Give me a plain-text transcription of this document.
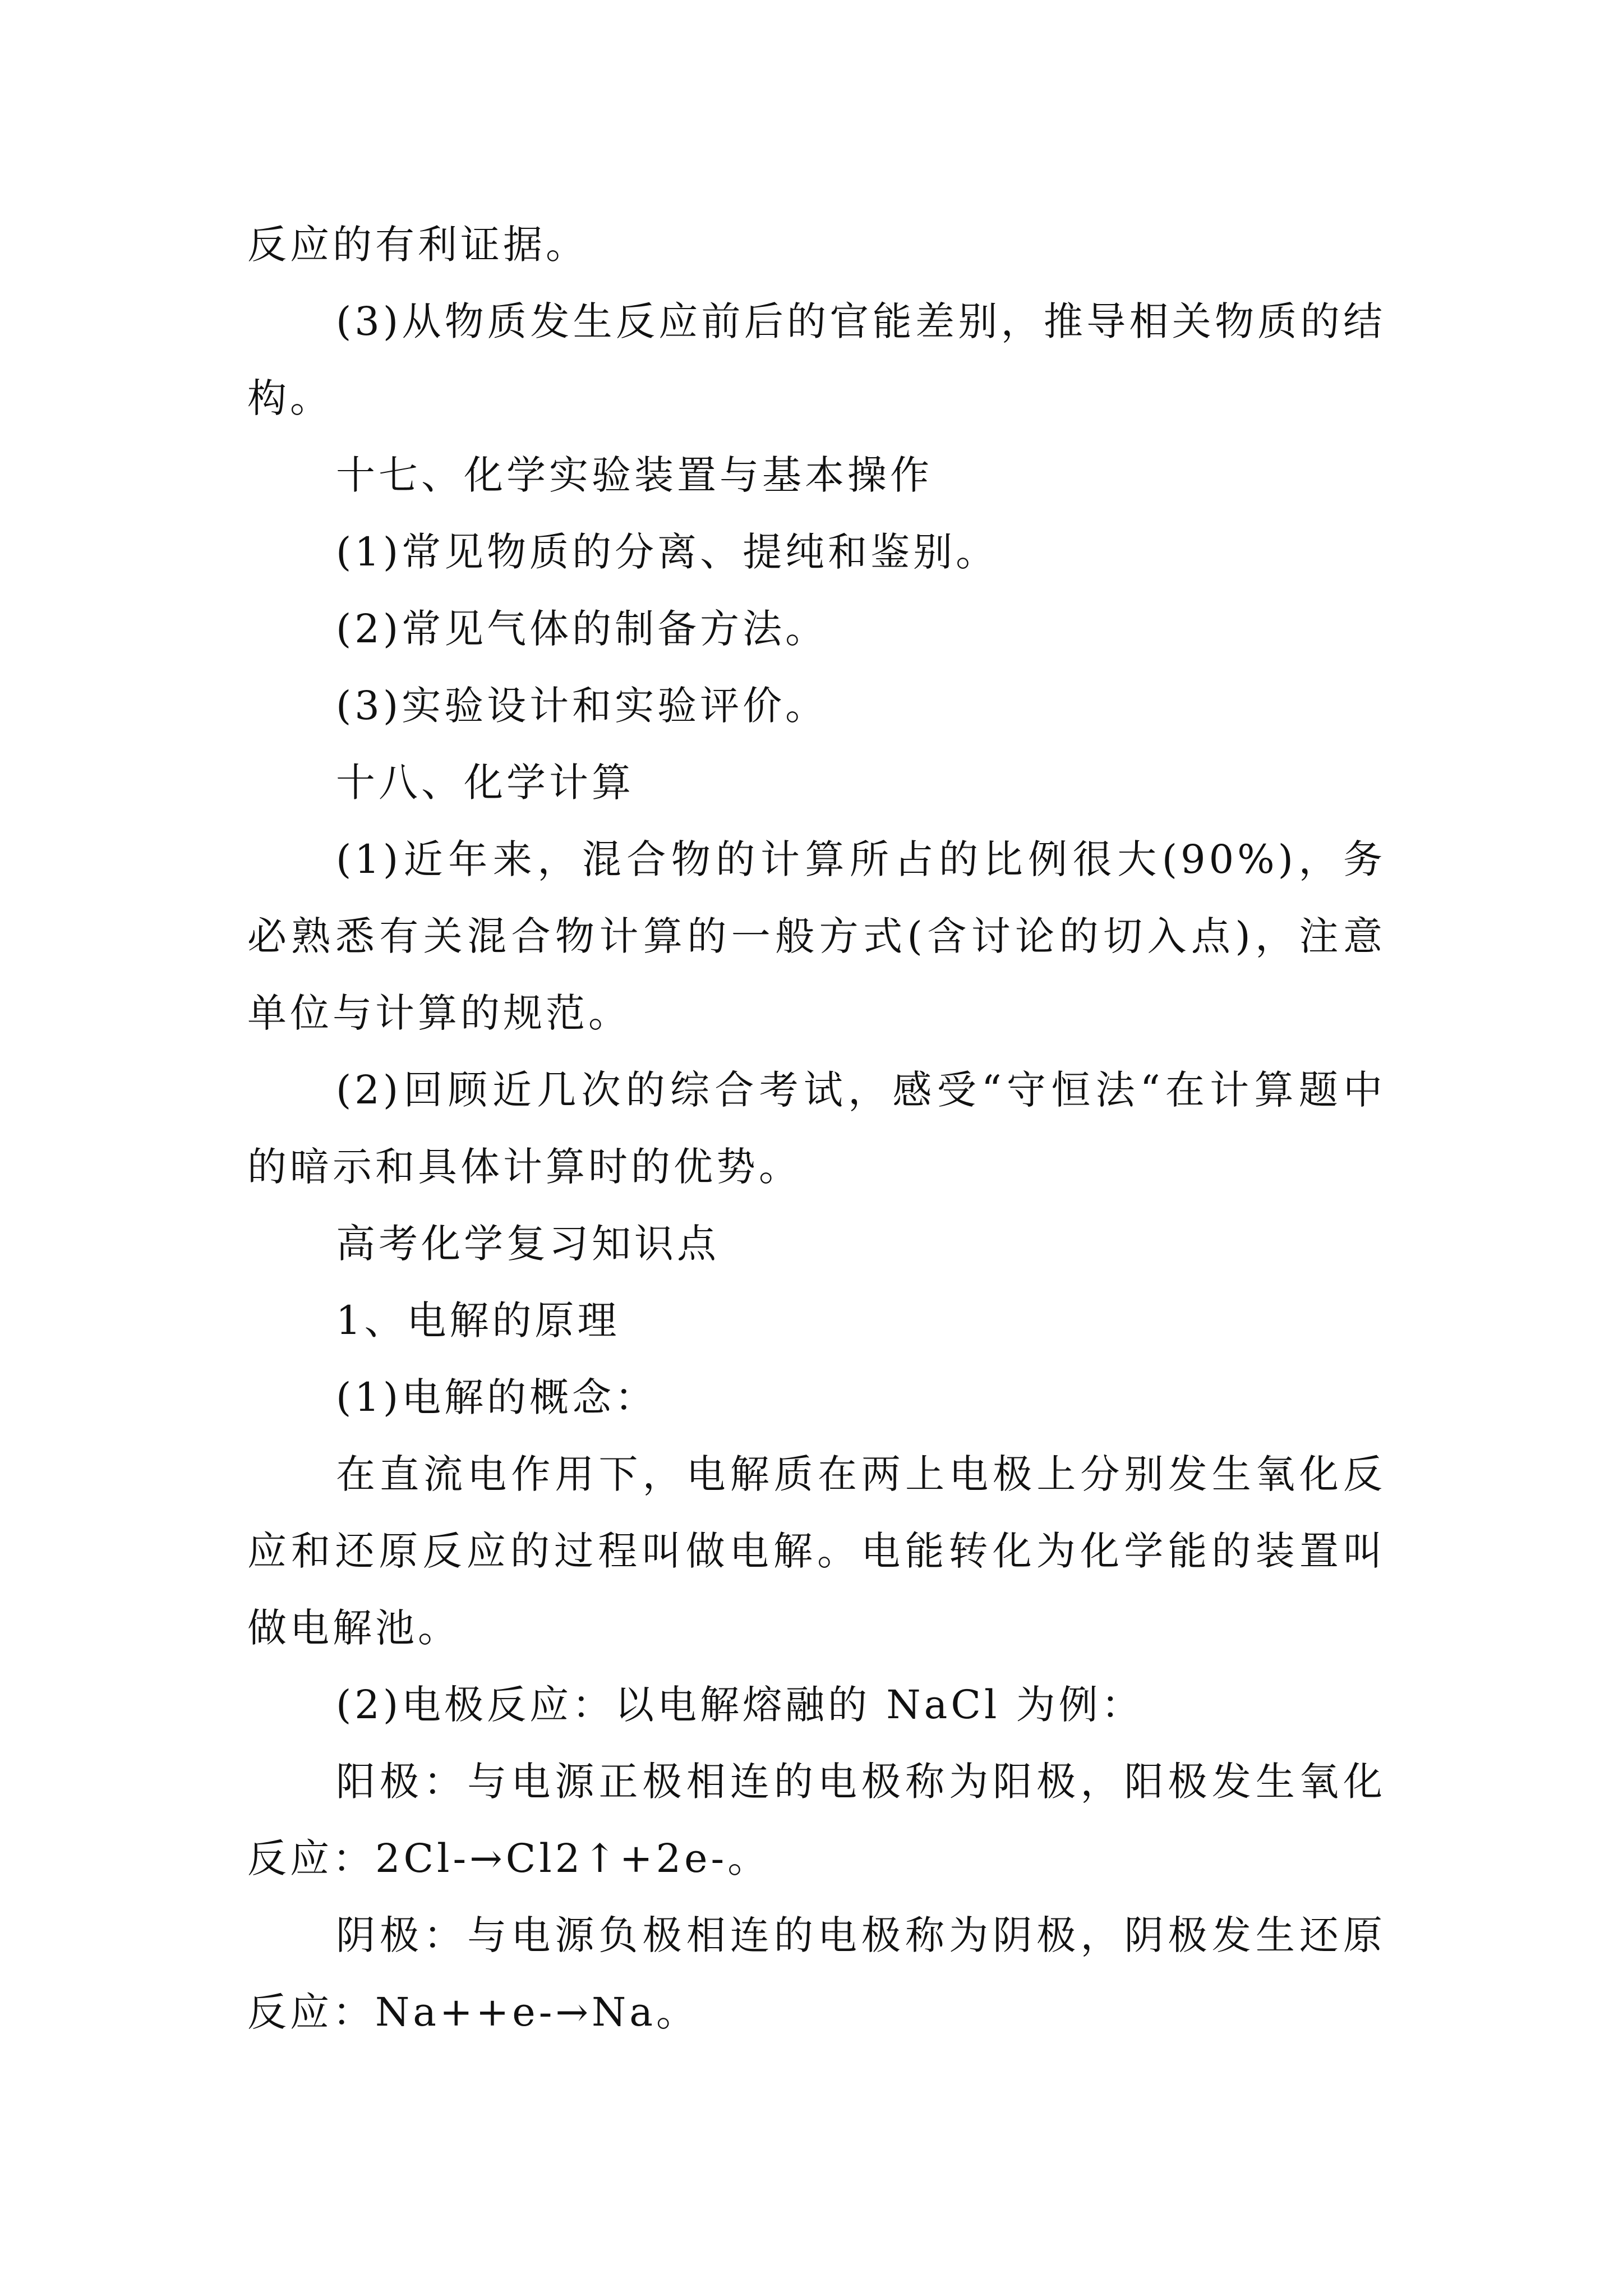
反应的有利证据。

(3)从物质发生反应前后的官能差别，推导相关物质的结构。

十七、化学实验装置与基本操作

(1)常见物质的分离、提纯和鉴别。

(2)常见气体的制备方法。

(3)实验设计和实验评价。

十八、化学计算

(1)近年来，混合物的计算所占的比例很大(90%)，务必熟悉有关混合物计算的一般方式(含讨论的切入点)，注意单位与计算的规范。

(2)回顾近几次的综合考试，感受“守恒法“在计算题中的暗示和具体计算时的优势。

高考化学复习知识点

1、电解的原理

(1)电解的概念：

在直流电作用下，电解质在两上电极上分别发生氧化反应和还原反应的过程叫做电解。电能转化为化学能的装置叫做电解池。

(2)电极反应：以电解熔融的 NaCl 为例：

阳极：与电源正极相连的电极称为阳极，阳极发生氧化反应：2Cl-→Cl2↑+2e-。

阴极：与电源负极相连的电极称为阴极，阴极发生还原反应：Na++e-→Na。
